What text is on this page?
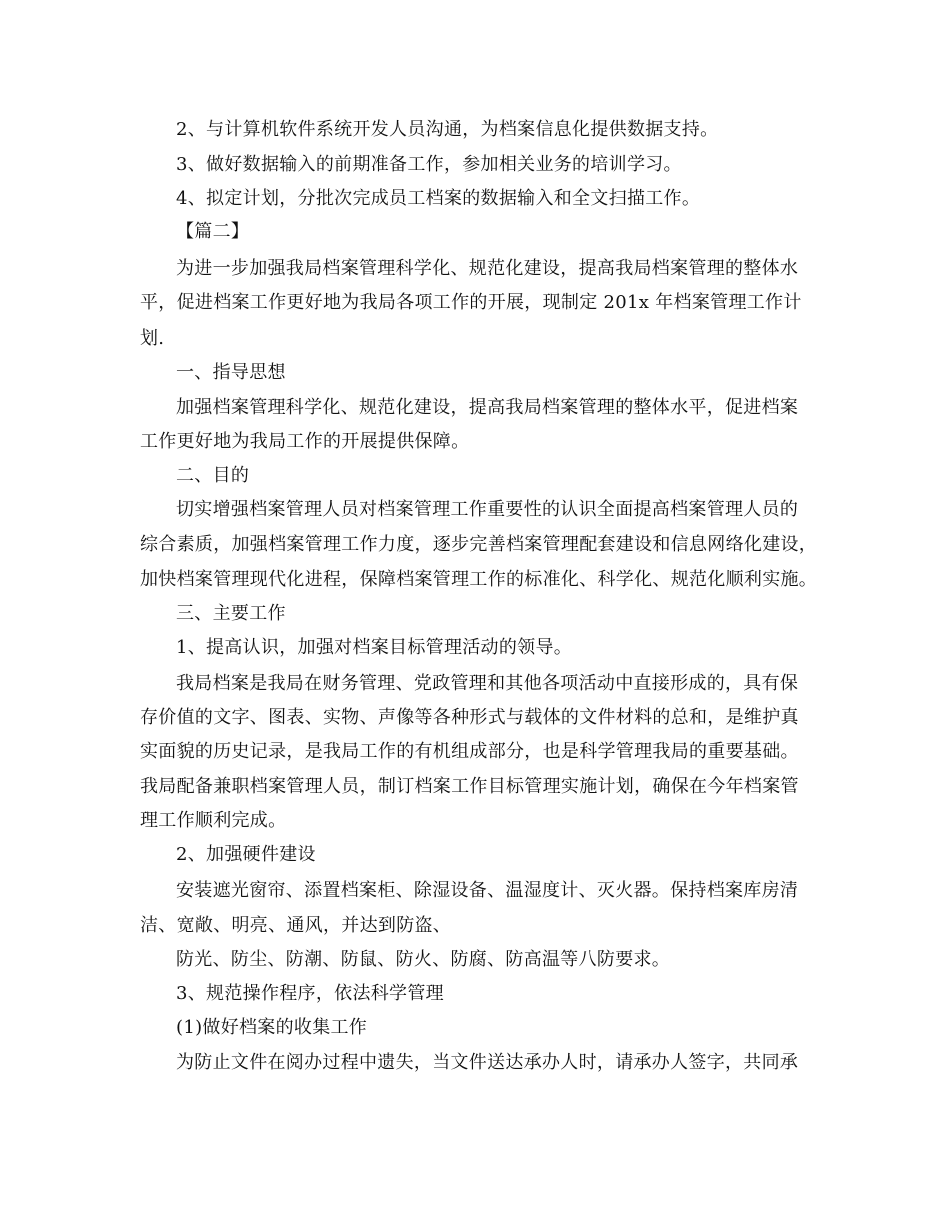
2、与计算机软件系统开发人员沟通，为档案信息化提供数据支持。
3、做好数据输入的前期准备工作，参加相关业务的培训学习。
4、拟定计划，分批次完成员工档案的数据输入和全文扫描工作。
【篇二】
为进一步加强我局档案管理科学化、规范化建设，提高我局档案管理的整体水
平，促进档案工作更好地为我局各项工作的开展，现制定 201x 年档案管理工作计
划.
一、指导思想
加强档案管理科学化、规范化建设，提高我局档案管理的整体水平，促进档案
工作更好地为我局工作的开展提供保障。
二、目的
切实增强档案管理人员对档案管理工作重要性的认识全面提高档案管理人员的
综合素质，加强档案管理工作力度，逐步完善档案管理配套建设和信息网络化建设，
加快档案管理现代化进程，保障档案管理工作的标准化、科学化、规范化顺利实施。
三、主要工作
1、提高认识，加强对档案目标管理活动的领导。
我局档案是我局在财务管理、党政管理和其他各项活动中直接形成的，具有保
存价值的文字、图表、实物、声像等各种形式与载体的文件材料的总和，是维护真
实面貌的历史记录，是我局工作的有机组成部分，也是科学管理我局的重要基础。
我局配备兼职档案管理人员，制订档案工作目标管理实施计划，确保在今年档案管
理工作顺利完成。
2、加强硬件建设
安装遮光窗帘、添置档案柜、除湿设备、温湿度计、灭火器。保持档案库房清
洁、宽敞、明亮、通风，并达到防盗、
防光、防尘、防潮、防鼠、防火、防腐、防高温等八防要求。
3、规范操作程序，依法科学管理
(1)做好档案的收集工作
为防止文件在阅办过程中遗失，当文件送达承办人时，请承办人签字，共同承
